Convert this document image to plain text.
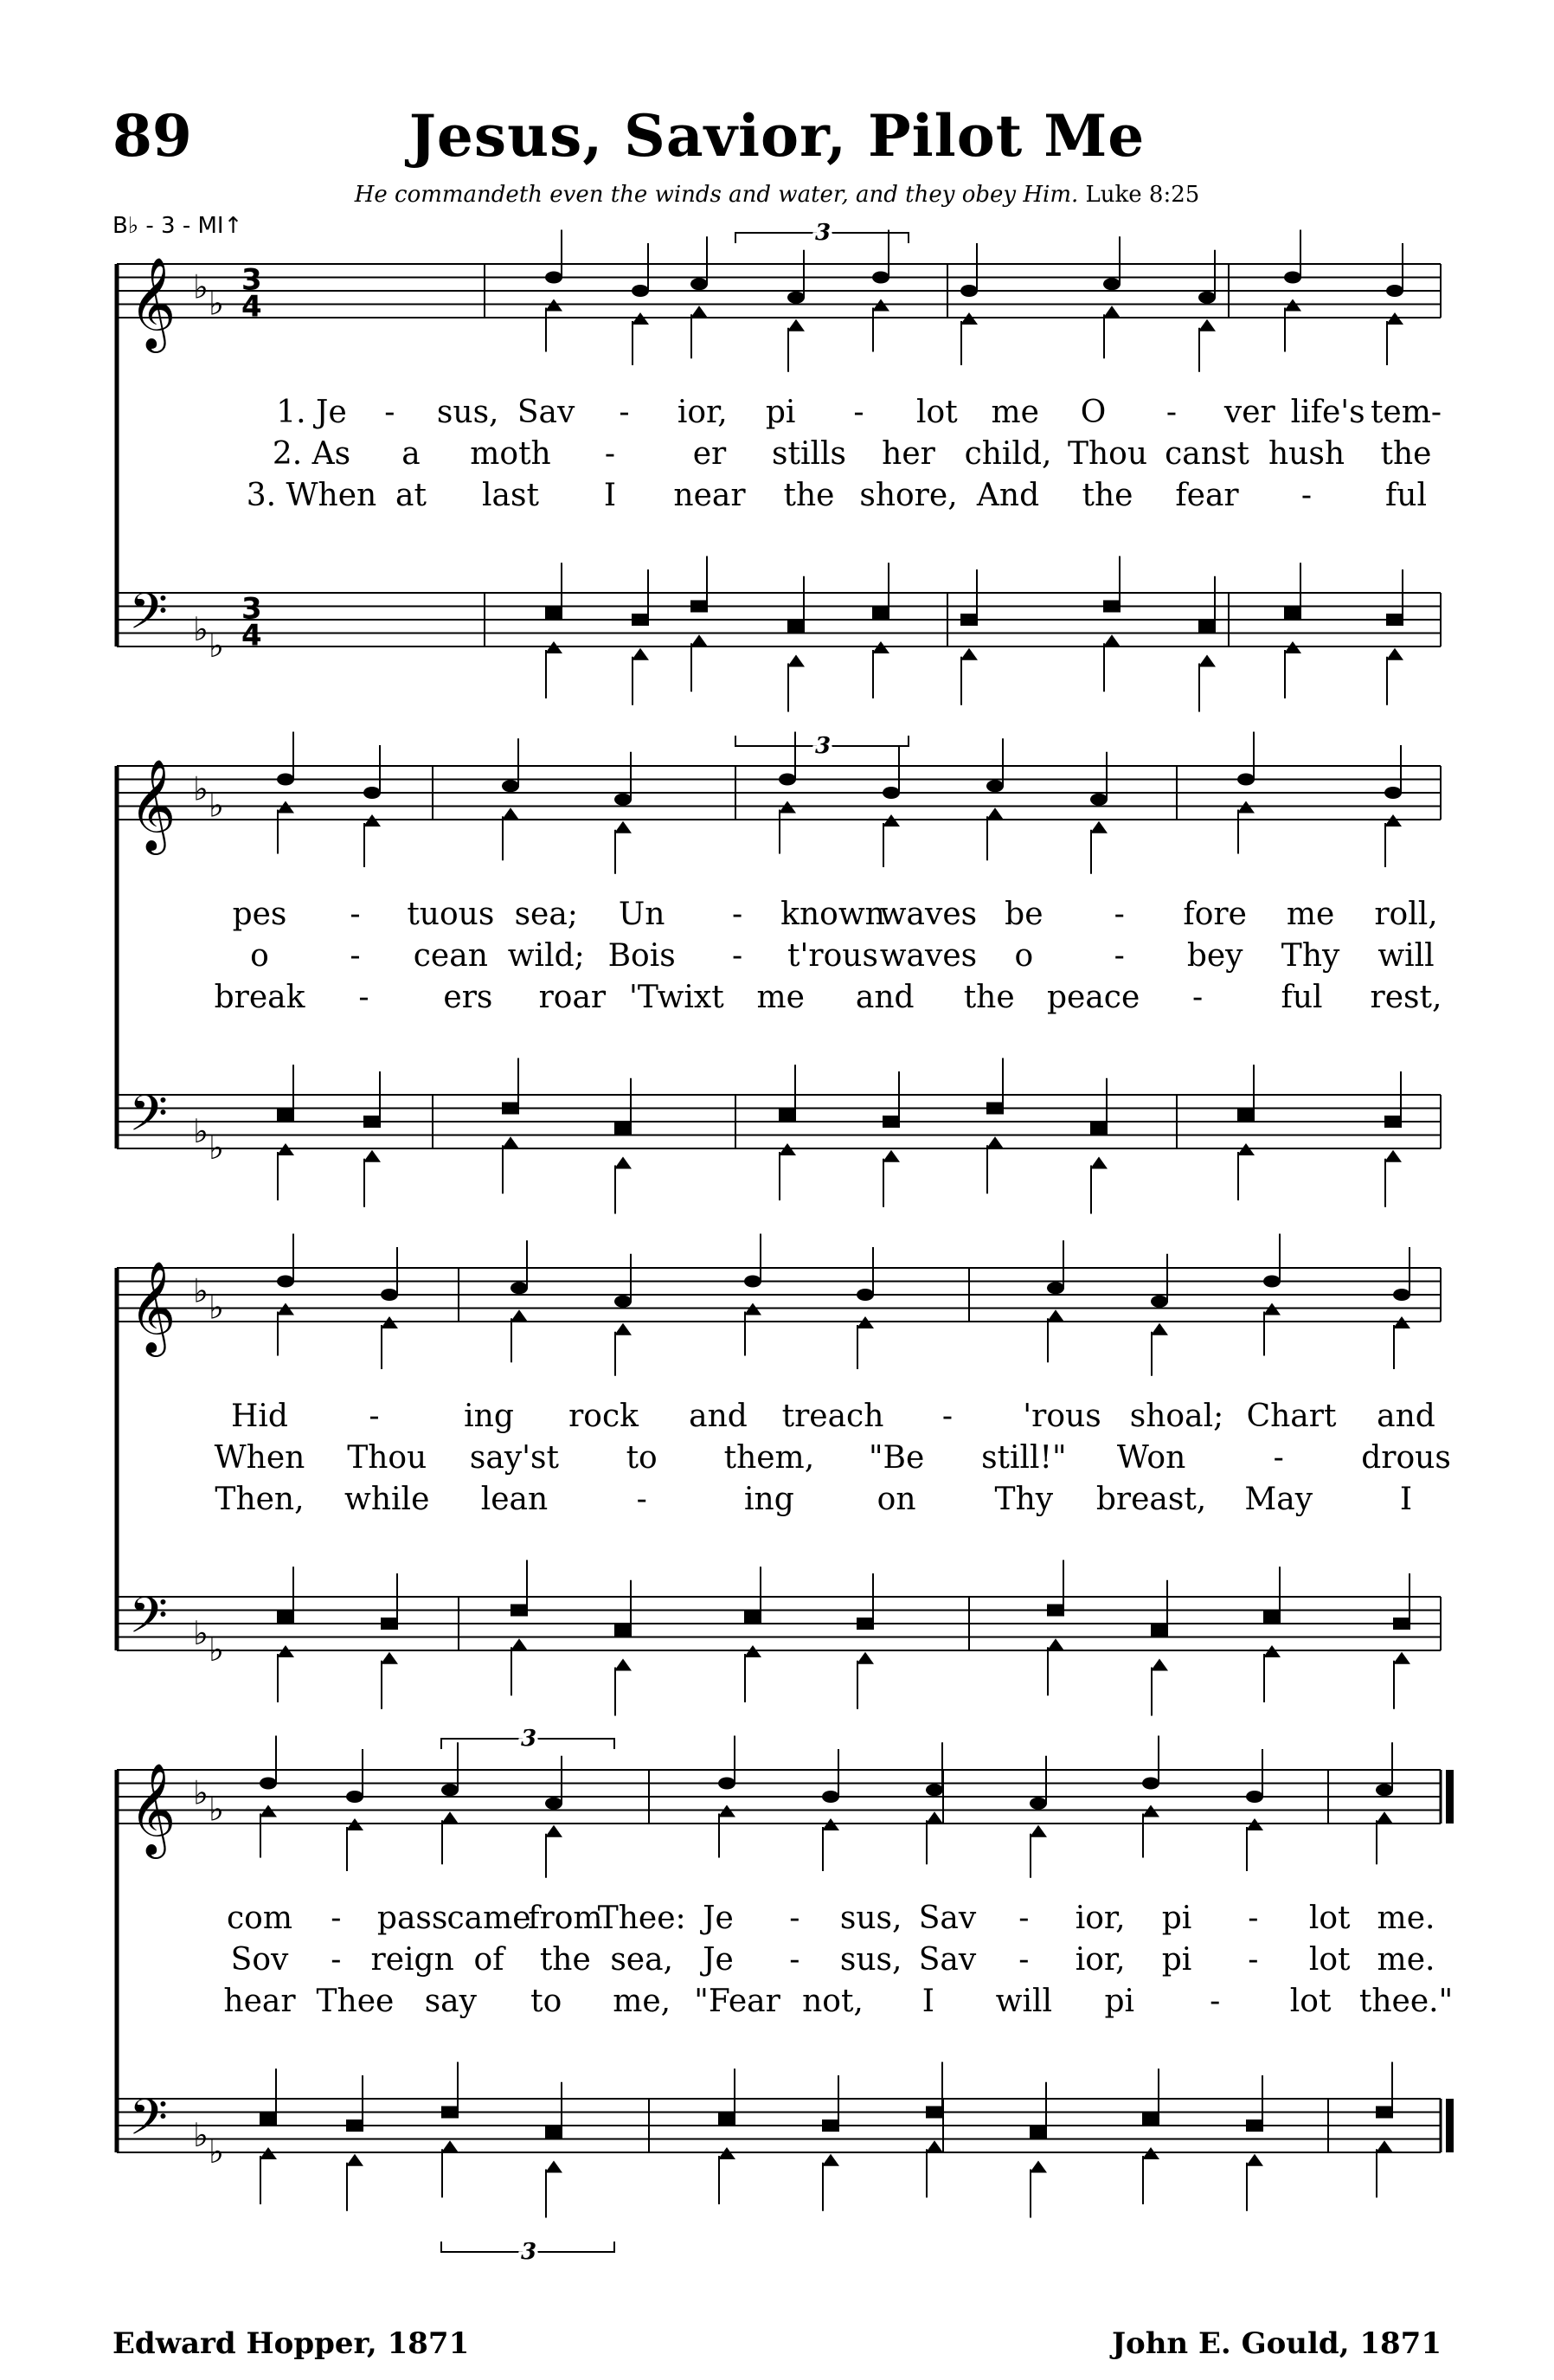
89	Jesus, Savior, Pilot Me
He commandeth even the winds and water, and they obey Him. Luke 8:25
B♭ - 3 - MI↑
𝄞
𝄢
♭ ♭
♭ ♭
3
4
3
4
3
3
𝄞
𝄢
♭ ♭
♭ ♭
𝄞
𝄢
♭ ♭
♭ ♭
𝄞
𝄢
♭ ♭
♭ ♭
3
3
1. Je - sus, Sav - ior, pi - lot me O - ver life's tem-
2. As a moth - er stills her child, Thou canst hush the
3. When at last I near the shore, And the fear - ful
pes - tuous sea; Un - known
waves be - fore me roll,
o	- cean wild; Bois - t'rous waves o	- bey Thy will
break - ers roar 'Twixt me and the peace -	ful rest,
Hid	-	ing rock and treach - 'rous shoal; Chart and
When Thou say'st to them, "Be still!" Won	- drous
Then, while lean	-	ing	on	Thy breast, May	I
com - pass came
from
Thee: Je - sus, Sav - ior, pi - lot me.
Sov - reign of the sea, Je - sus, Sav - ior, pi - lot me.
hear Thee say to me, "Fear not, I will pi - lot thee."
Edward Hopper, 1871	John E. Gould, 1871
